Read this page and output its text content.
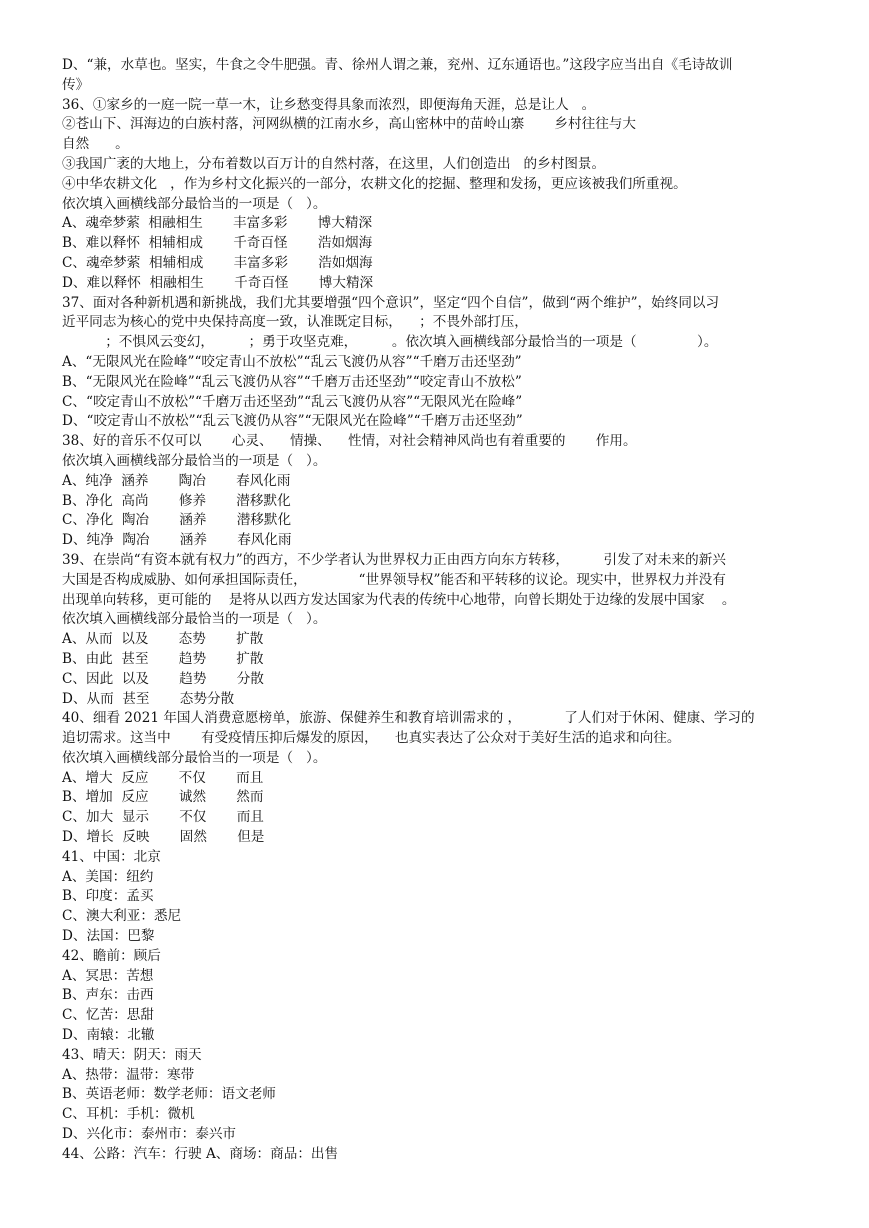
D、“兼，水草也。坚实，牛食之令牛肥强。青、徐州人谓之兼，兖州、辽东通语也。”这段字应当出自《毛诗故训
传》
36、①家乡的一庭一院一草一木，让乡愁变得具象而浓烈，即便海角天涯，总是让人   。
②苍山下、洱海边的白族村落，河网纵横的江南水乡，高山密林中的苗岭山寨       乡村往往与大
自然      。
③我国广袤的大地上，分布着数以百万计的自然村落，在这里，人们创造出   的乡村图景。
④中华农耕文化   ，作为乡村文化振兴的一部分，农耕文化的挖掘、整理和发扬，更应该被我们所重视。
依次填入画横线部分最恰当的一项是（   ）。
A、魂牵梦萦  相融相生       丰富多彩       博大精深
B、难以释怀  相辅相成       千奇百怪       浩如烟海
C、魂牵梦萦  相辅相成       丰富多彩       浩如烟海
D、难以释怀  相融相生       千奇百怪       博大精深
37、面对各种新机遇和新挑战，我们尤其要增强“四个意识”，坚定“四个自信”，做到“两个维护”，始终同以习
近平同志为核心的党中央保持高度一致，认准既定目标，    ；不畏外部打压，
；不惧风云变幻，        ；勇于攻坚克难，        。依次填入画横线部分最恰当的一项是（              ）。
A、“无限风光在险峰”“咬定青山不放松”“乱云飞渡仍从容”“千磨万击还坚劲”
B、“无限风光在险峰”“乱云飞渡仍从容”“千磨万击还坚劲”“咬定青山不放松”
C、“咬定青山不放松”“千磨万击还坚劲”“乱云飞渡仍从容”“无限风光在险峰”
D、“咬定青山不放松”“乱云飞渡仍从容”“无限风光在险峰”“千磨万击还坚劲”
38、好的音乐不仅可以       心灵、    情操、    性情，对社会精神风尚也有着重要的       作用。
依次填入画横线部分最恰当的一项是（   ）。
A、纯净  涵养       陶冶       春风化雨
B、净化  高尚       修养       潜移默化
C、净化  陶冶       涵养       潜移默化
D、纯净  陶冶       涵养       春风化雨
39、在崇尚“有资本就有权力”的西方，不少学者认为世界权力正由西方向东方转移，        引发了对未来的新兴
大国是否构成威胁、如何承担国际责任，            “世界领导权”能否和平转移的议论。现实中，世界权力并没有
出现单向转移，更可能的    是将从以西方发达国家为代表的传统中心地带，向曾长期处于边缘的发展中国家    。
依次填入画横线部分最恰当的一项是（   ）。
A、从而  以及       态势       扩散
B、由此  甚至       趋势       扩散
C、因此  以及       趋势       分散
D、从而  甚至       态势分散
40、细看 2021 年国人消费意愿榜单，旅游、保健养生和教育培训需求的 ，          了人们对于休闲、健康、学习的
追切需求。这当中       有受疫情压抑后爆发的原因，    也真实表达了公众对于美好生活的追求和向往。
依次填入画横线部分最恰当的一项是（   ）。
A、增大  反应       不仅       而且
B、增加  反应       诚然       然而
C、加大  显示       不仅       而且
D、增长  反映       固然       但是
41、中国：北京
A、美国：纽约
B、印度：孟买
C、澳大利亚：悉尼
D、法国：巴黎
42、瞻前：顾后
A、冥思：苦想
B、声东：击西
C、忆苦：思甜
D、南辕：北辙
43、晴天：阴天：雨天
A、热带：温带：寒带
B、英语老师：数学老师：语文老师
C、耳机：手机：微机
D、兴化市：泰州市：泰兴市
44、公路：汽车：行驶 A、商场：商品：出售
